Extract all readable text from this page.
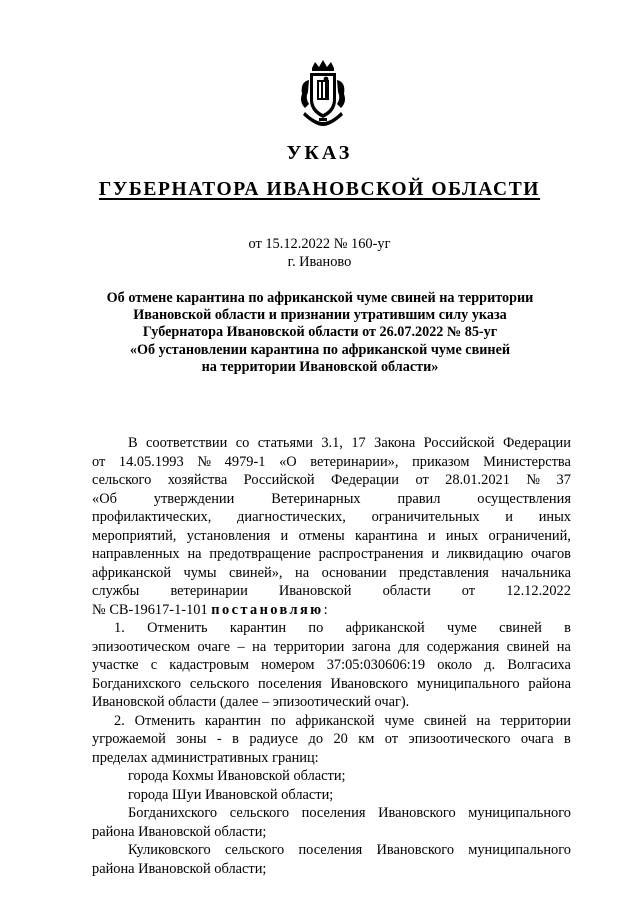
УКАЗ
ГУБЕРНАТОРА ИВАНОВСКОЙ ОБЛАСТИ
от 15.12.2022 № 160-уг
г. Иваново
Об отмене карантина по африканской чуме свиней на территории
Ивановской области и признании утратившим силу указа
Губернатора Ивановской области от 26.07.2022 № 85-уг
«Об установлении карантина по африканской чуме свиней
на территории Ивановской области»
В соответствии со статьями 3.1, 17 Закона Российской Федерации
от 14.05.1993 № 4979-1 «О ветеринарии», приказом Министерства
сельского хозяйства Российской Федерации от 28.01.2021 № 37
«Об	утверждении	Ветеринарных	правил	осуществления
профилактических, диагностических, ограничительных и иных
мероприятий, установления и отмены карантина и иных ограничений,
направленных на предотвращение распространения и ликвидацию очагов
африканской чумы свиней», на основании представления начальника
службы ветеринарии Ивановской области от 12.12.2022
№ СВ-19617-1-101
постановляю :
1. Отменить карантин по африканской чуме свиней в
эпизоотическом очаге – на территории загона для содержания свиней на
участке с кадастровым номером 37:05:030606:19 около д. Волгасиха
Богданихского сельского поселения Ивановского муниципального района
Ивановской области (далее – эпизоотический очаг).
2. Отменить карантин по африканской чуме свиней на территории
угрожаемой зоны - в радиусе до 20 км от эпизоотического очага в
пределах административных границ:
города Кохмы Ивановской области;
города Шуи Ивановской области;
Богданихского сельского поселения Ивановского муниципального
района Ивановской области;
Куликовского сельского поселения Ивановского муниципального
района Ивановской области;
